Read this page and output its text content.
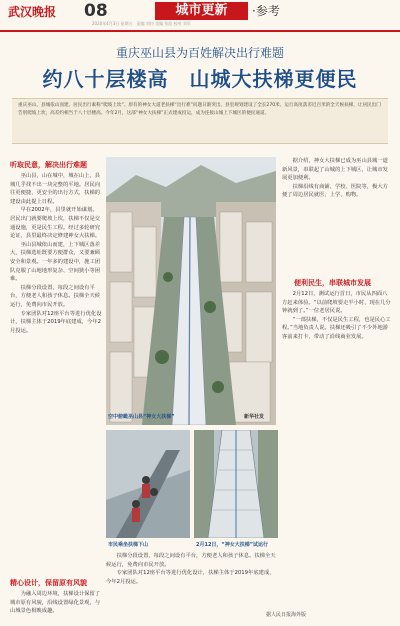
武汉晚报 08	城市更新	·参考
2020年4月3日 星期五　责编 刘钊 美编 张欣 校对 刘军
重庆巫山县为百姓解决出行难题
约八十层楼高　山城大扶梯更便民
重庆巫山，县城依山而建，居民出行素称“爬坡上坎”。原有的神女大道老扶梯“出行难”问题日渐突出。县里规划建设了全长270米、运行高度落差近百米的全天候扶梯，让居民出门告别爬坡上坎，高差约相当于八十层楼高。今年2月，这部“神女大扶梯”正式建成投运，成为连接山城上下城区的便民通道。
听取民意，解决出行难题

巫山县，山在城中，城在山上，县城几乎找不出一块完整的平地。居民向往更便捷、更安全的出行方式，扶梯的建设由此提上日程。

早在2002年，县里就开始谋划。居民出门就要爬坡上坎，扶梯不仅是交通设施，更是民生工程。经过多轮研究论证，县里最终决定修建神女大扶梯。

巫山县城依山而建，上下城区落差大，扶梯选址既要方便群众，又要兼顾安全和景观。一年多的建设中，施工团队克服了山地地形复杂、空间狭小等困难。

扶梯分段设置，每段之间设有平台，方便老人和孩子休息。扶梯全天候运行，免费向市民开放。

专家团队对12座平台等进行优化设计，扶梯主体于2019年底建成，今年2月投运。

精心设计，保留原有风貌

为融入周边环境，扶梯设计保留了城市原有风貌，沿线设置绿化景观，与山城景色相映成趣。

空中俯瞰巫山县“神女大扶梯”	新华社发

据介绍，神女大扶梯已成为巫山县城一道新风景，串联起了山城的上下城区，让城市发展更加便利。

扶梯沿线有商铺、学校、医院等，极大方便了周边居民就医、上学、购物。

便利民生，串联城市发展

2月12日，测试运行首日，市民从四面八方赶来体验。“以前爬坡要走半小时，现在几分钟就到了。”一位老居民说。

“一部扶梯，不仅是民生工程，也是民心工程。”当地负责人说。扶梯还吸引了不少外地游客前来打卡，带动了沿线商业发展。

市民乘坐扶梯下山	2月12日，“神女大扶梯”试运行

扶梯分段设置，每段之间设有平台，方便老人和孩子休息。扶梯全天候运行，免费向市民开放。

专家团队对12座平台等进行优化设计，扶梯主体于2019年底建成，今年2月投运。

据人民日报海外版
